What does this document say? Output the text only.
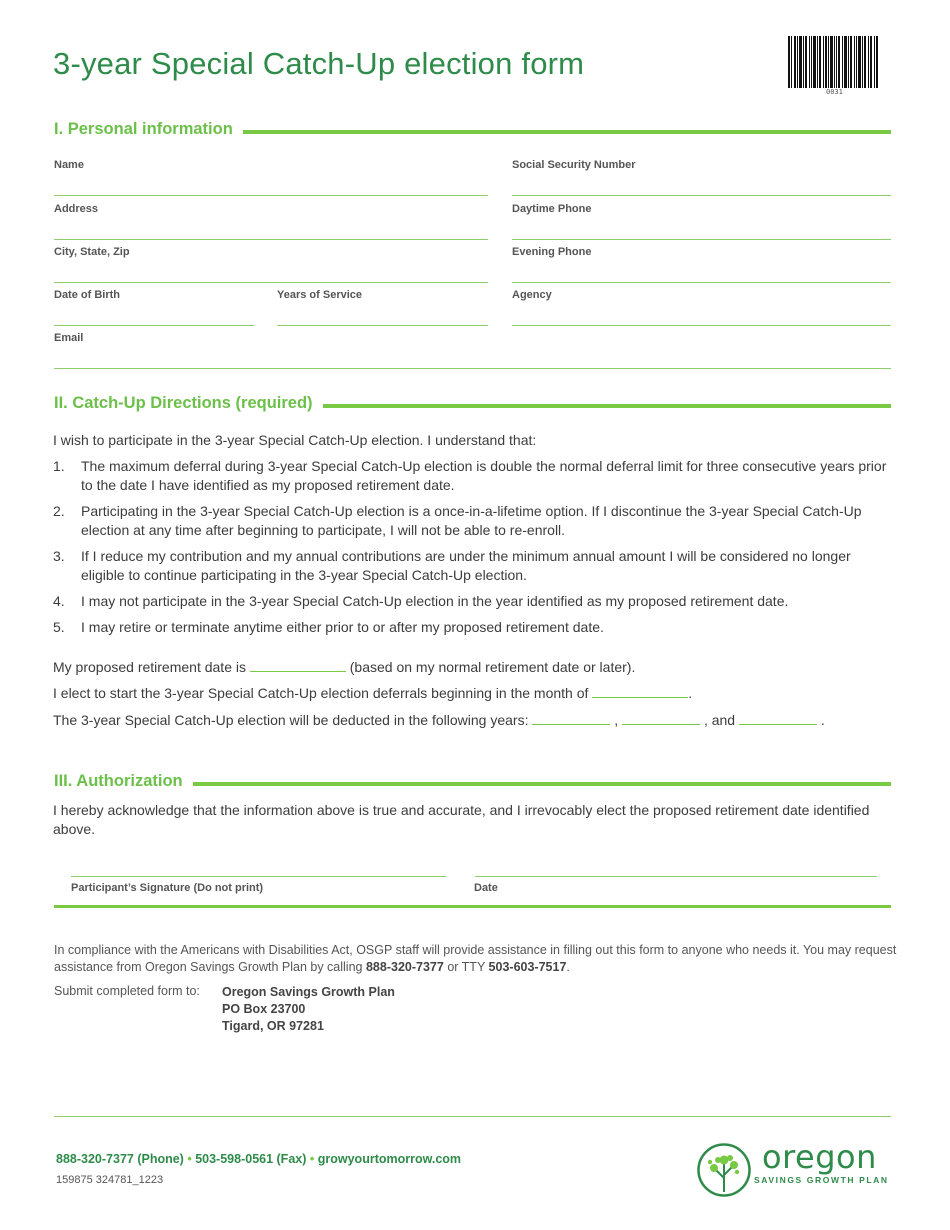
3-year Special Catch-Up election form
0031
I. Personal information
Name	Social Security Number
Address	Daytime Phone
City, State, Zip	Evening Phone
Date of Birth	Years of Service	Agency
Email
II. Catch-Up Directions (required)
I wish to participate in the 3-year Special Catch-Up election. I understand that:
1.	The maximum deferral during 3-year Special Catch-Up election is double the normal deferral limit for three consecutive years prior to the date I have identified as my proposed retirement date.
2.	Participating in the 3-year Special Catch-Up election is a once-in-a-lifetime option. If I discontinue the 3-year Special Catch-Up election at any time after beginning to participate, I will not be able to re-enroll.
3.	If I reduce my contribution and my annual contributions are under the minimum annual amount I will be considered no longer eligible to continue participating in the 3-year Special Catch-Up election.
4.	I may not participate in the 3-year Special Catch-Up election in the year identified as my proposed retirement date.
5.	I may retire or terminate anytime either prior to or after my proposed retirement date.
My proposed retirement date is	(based on my normal retirement date or later).
I elect to start the 3-year Special Catch-Up election deferrals beginning in the month of	.
The 3-year Special Catch-Up election will be deducted in the following years:	,	, and	.
III. Authorization
I hereby acknowledge that the information above is true and accurate, and I irrevocably elect the proposed retirement date identified above.
Participant’s Signature (Do not print)	Date
In compliance with the Americans with Disabilities Act, OSGP staff will provide assistance in filling out this form to anyone who needs it. You may request assistance from Oregon Savings Growth Plan by calling 888-320-7377 or TTY 503-603-7517.
Submit completed form to: Oregon Savings Growth Plan
PO Box 23700
Tigard, OR 97281
888-320-7377 (Phone) • 503-598-0561 (Fax) • growyourtomorrow.com
159875 324781_1223
oregon
SAVINGS GROWTH PLAN
